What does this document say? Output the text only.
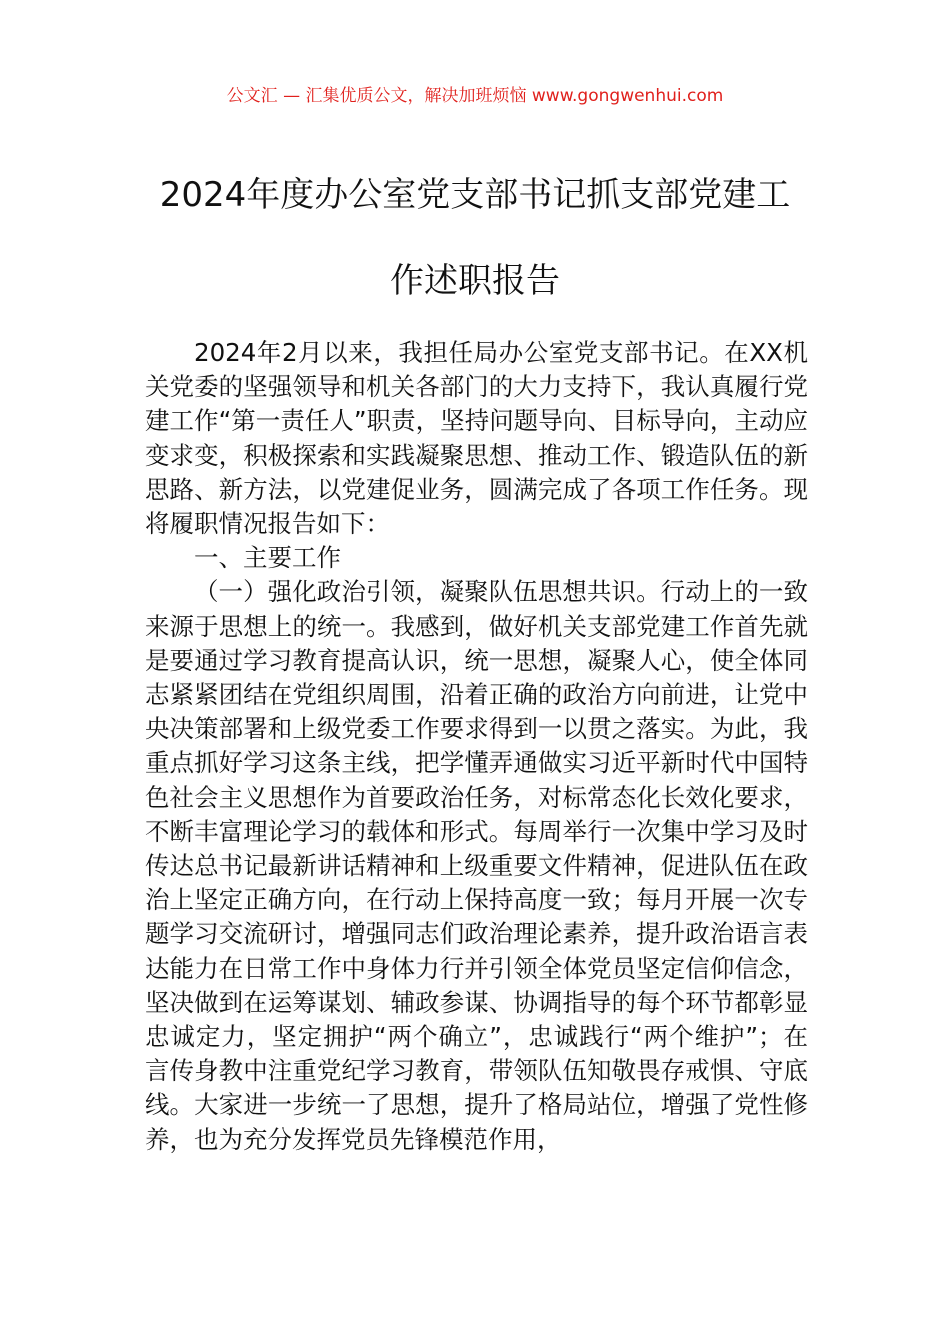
公文汇 — 汇集优质公文，解决加班烦恼 www.gongwenhui.com
2024年度办公室党支部书记抓支部党建工
作述职报告

2024年2月以来，我担任局办公室党支部书记。在XX机关党委的坚强领导和机关各部门的大力支持下，我认真履行党建工作“第一责任人”职责，坚持问题导向、目标导向，主动应变求变，积极探索和实践凝聚思想、推动工作、锻造队伍的新思路、新方法，以党建促业务，圆满完成了各项工作任务。现将履职情况报告如下：

一、主要工作

（一）强化政治引领，凝聚队伍思想共识。行动上的一致来源于思想上的统一。我感到，做好机关支部党建工作首先就是要通过学习教育提高认识，统一思想，凝聚人心，使全体同志紧紧团结在党组织周围，沿着正确的政治方向前进，让党中央决策部署和上级党委工作要求得到一以贯之落实。为此，我重点抓好学习这条主线，把学懂弄通做实习近平新时代中国特色社会主义思想作为首要政治任务，对标常态化长效化要求，不断丰富理论学习的载体和形式。每周举行一次集中学习及时传达总书记最新讲话精神和上级重要文件精神，促进队伍在政治上坚定正确方向，在行动上保持高度一致；每月开展一次专题学习交流研讨，增强同志们政治理论素养，提升政治语言表达能力在日常工作中身体力行并引领全体党员坚定信仰信念，坚决做到在运筹谋划、辅政参谋、协调指导的每个环节都彰显忠诚定力，坚定拥护“两个确立”，忠诚践行“两个维护”；在言传身教中注重党纪学习教育，带领队伍知敬畏存戒惧、守底线。大家进一步统一了思想，提升了格局站位，增强了党性修养，也为充分发挥党员先锋模范作用，
